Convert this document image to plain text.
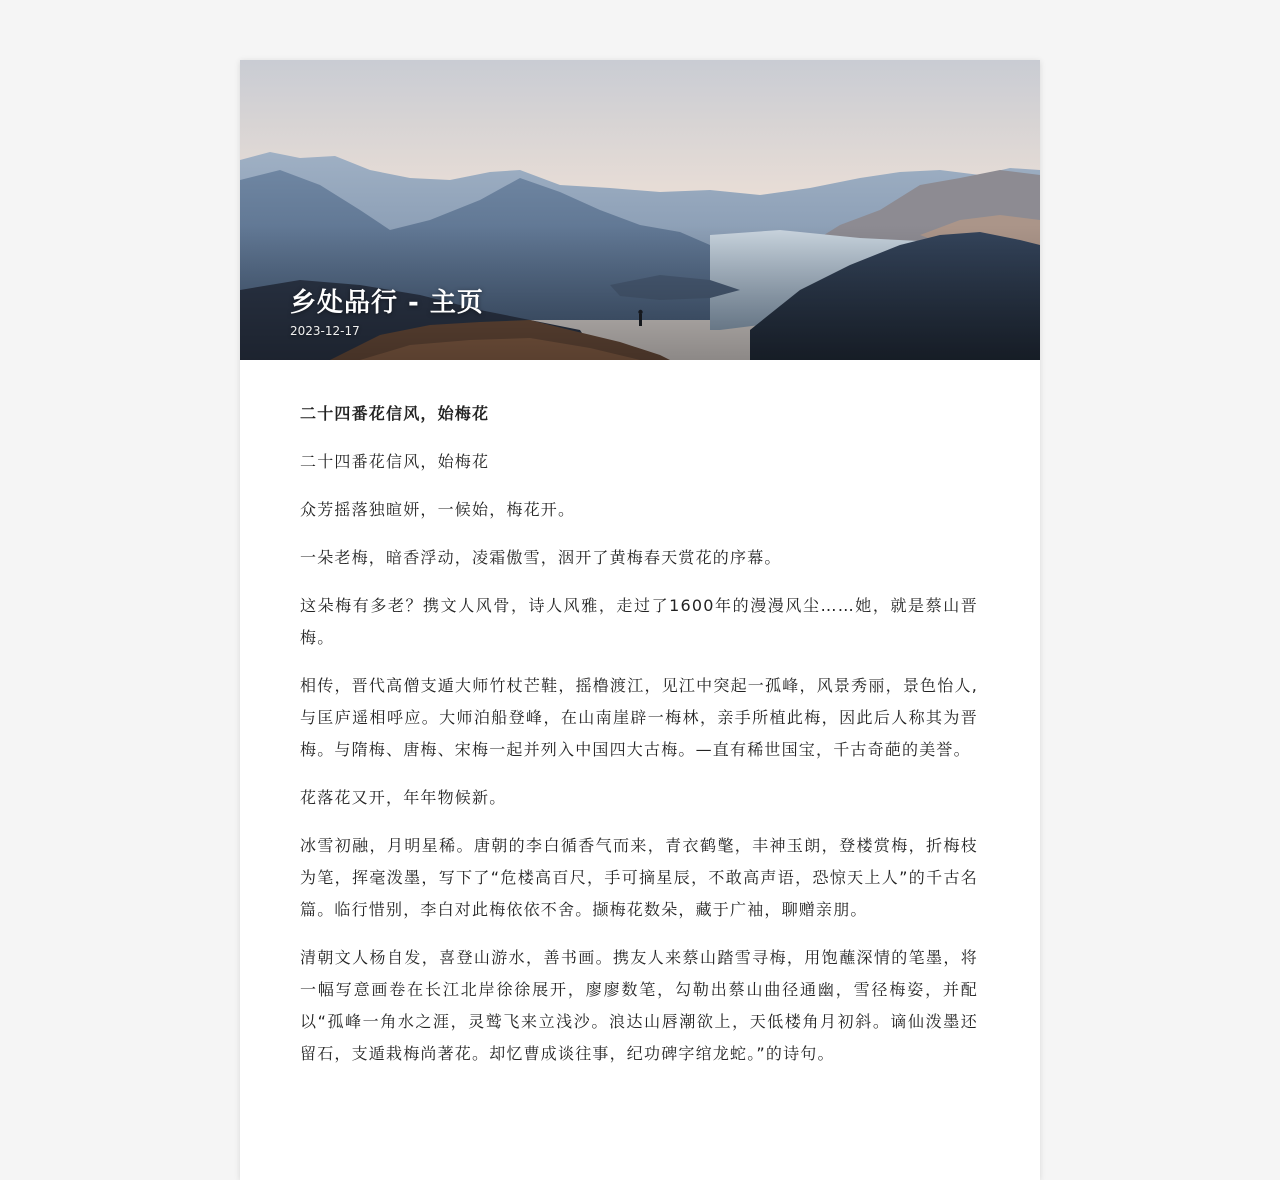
乡处品行 - 主页
2023-12-17

二十四番花信风，始梅花

二十四番花信风，始梅花

众芳摇落独暄妍，一候始，梅花开。

一朵老梅，暗香浮动，凌霜傲雪，洇开了黄梅春天赏花的序幕。

这朵梅有多老？携文人风骨，诗人风雅，走过了1600年的漫漫风尘……她，就是蔡山晋梅。

相传，晋代高僧支遁大师竹杖芒鞋，摇橹渡江，见江中突起一孤峰，风景秀丽，景色怡人,与匡庐遥相呼应。大师泊船登峰，在山南崖辟一梅林，亲手所植此梅，因此后人称其为晋梅。与隋梅、唐梅、宋梅一起并列入中国四大古梅。—直有稀世国宝，千古奇葩的美誉。

花落花又开，年年物候新。

冰雪初融，月明星稀。唐朝的李白循香气而来，青衣鹤氅，丰神玉朗，登楼赏梅，折梅枝为笔，挥毫泼墨，写下了“危楼高百尺，手可摘星辰，不敢高声语，恐惊天上人”的千古名篇。临行惜别，李白对此梅依依不舍。撷梅花数朵，藏于广袖，聊赠亲朋。

清朝文人杨自发，喜登山游水，善书画。携友人来蔡山踏雪寻梅，用饱蘸深情的笔墨，将一幅写意画卷在长江北岸徐徐展开，廖廖数笔，勾勒出蔡山曲径通幽，雪径梅姿，并配以“孤峰一角水之涯，灵鹫飞来立浅沙。浪达山唇潮欲上，天低楼角月初斜。谪仙泼墨还留石，支遁栽梅尚著花。却忆曹成谈往事，纪功碑字绾龙蛇。”的诗句。
